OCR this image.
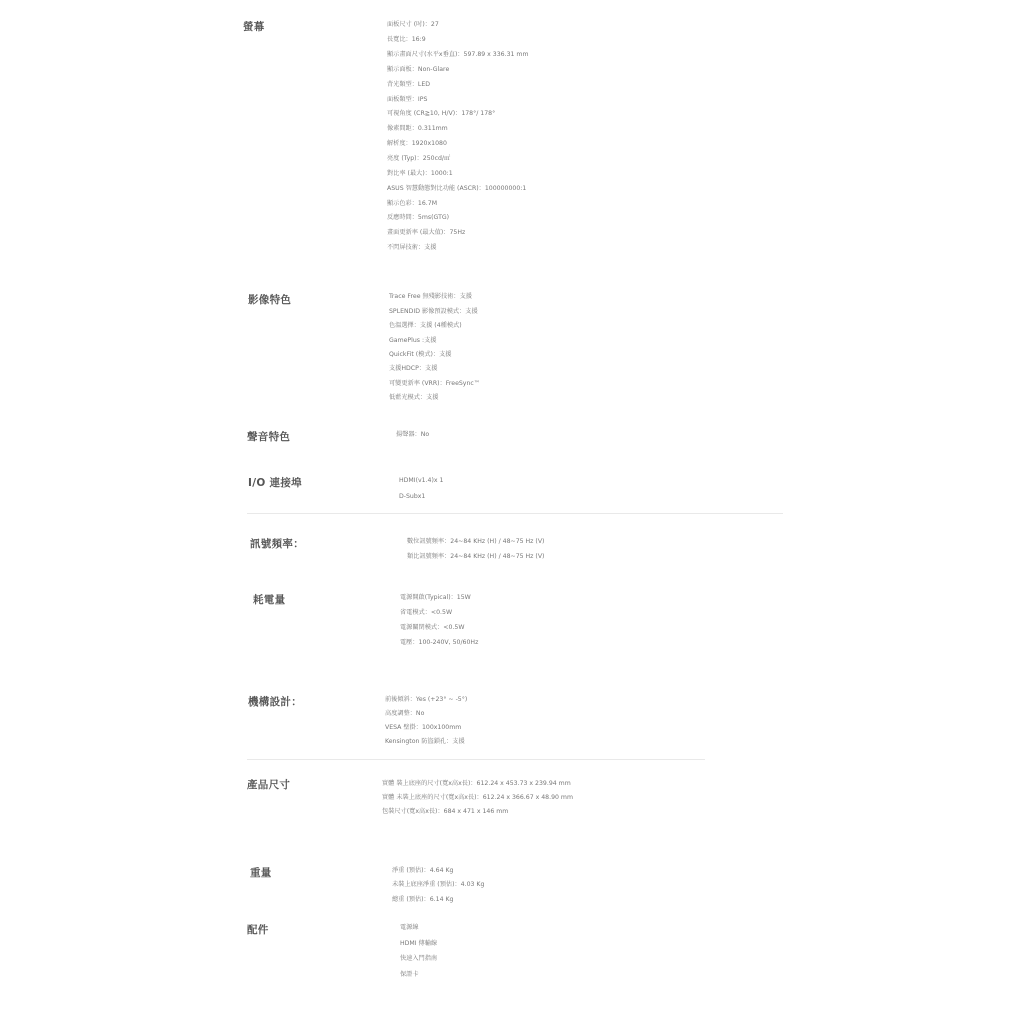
螢幕	面板尺寸 (吋)：27
長寬比：16:9
顯示畫面尺寸(水平x垂直)：597.89 x 336.31 mm
顯示面板：Non-Glare
背光類型：LED
面板類型：IPS
可視角度 (CR≧10, H/V)：178°/ 178°
像素間距：0.311mm
解析度：1920x1080
亮度 (Typ)：250cd/㎡
對比率 (最大)：1000:1
ASUS 智慧動態對比功能 (ASCR)：100000000:1
顯示色彩：16.7M
反應時間：5ms(GTG)
畫面更新率 (最大值)：75Hz
不閃屏技術：支援
影像特色	Trace Free 無殘影技術：支援
SPLENDID 影像預設模式：支援
色溫選擇：支援 (4種模式)
GamePlus :支援
QuickFit (模式)：支援
支援HDCP：支援
可變更新率 (VRR)：FreeSync™
低藍光模式：支援
聲音特色	揚聲器：No
I/O 連接埠	HDMI(v1.4)x 1
D-Subx1
訊號頻率：	數位訊號頻率：24~84 KHz (H) / 48~75 Hz (V)
類比訊號頻率：24~84 KHz (H) / 48~75 Hz (V)
耗電量	電源開啟(Typical)：15W
省電模式：<0.5W
電源關閉模式：<0.5W
電壓：100-240V, 50/60Hz
機構設計：	前後傾斜：Yes (+23° ~ -5°)
高度調整：No
VESA 壁掛：100x100mm
Kensington 防盜鎖孔：支援
產品尺寸	實體 裝上底座的尺寸(寬x高x長)：612.24 x 453.73 x 239.94 mm
實體 未裝上底座的尺寸(寬x高x長)：612.24 x 366.67 x 48.90 mm
包裝尺寸(寬x高x長)：684 x 471 x 146 mm
重量	淨重 (預估)：4.64 Kg
未裝上底座淨重 (預估)：4.03 Kg
總重 (預估)：6.14 Kg
配件	電源線
HDMI 傳輸線
快速入門指南
保證卡
